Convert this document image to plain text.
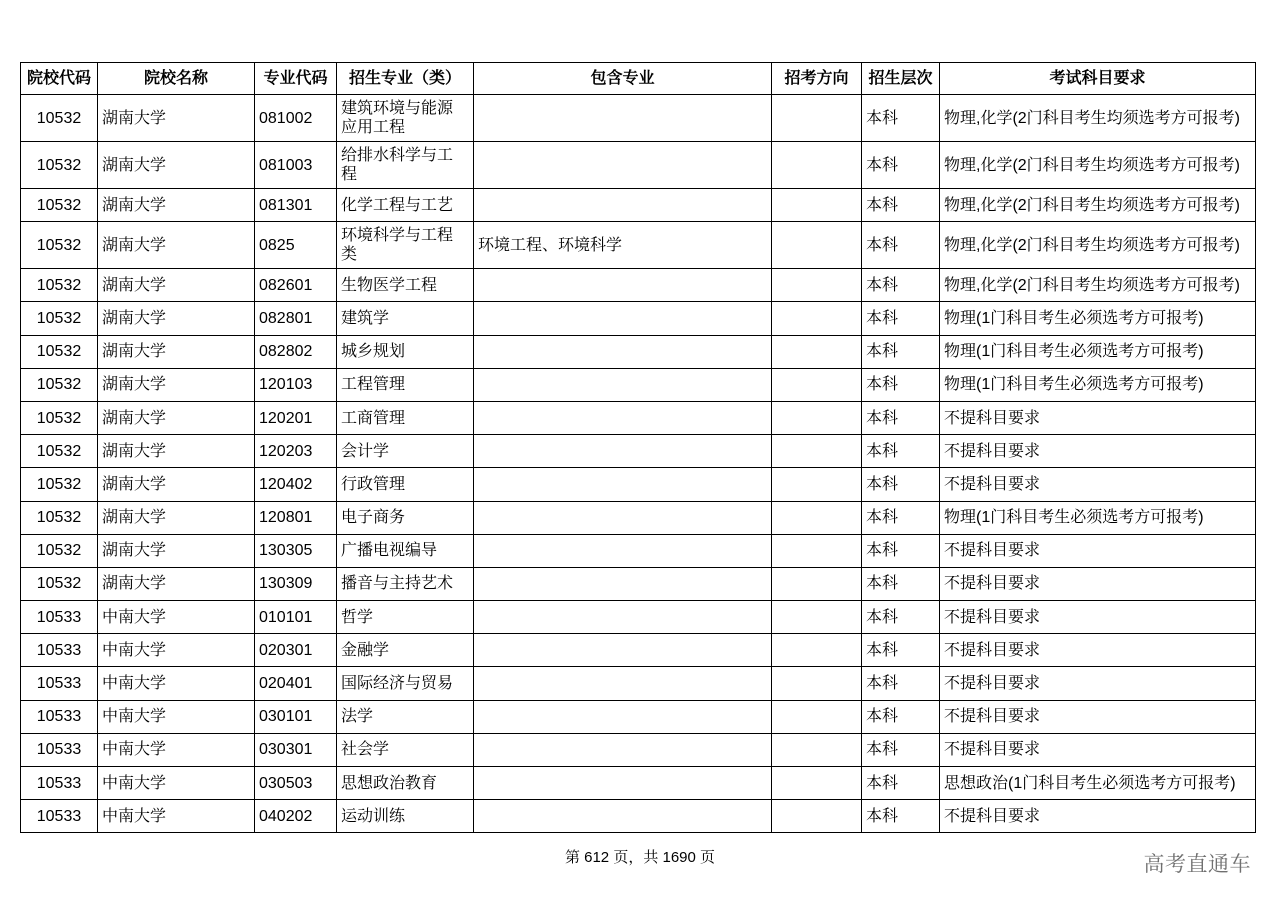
院校代码	院校名称	专业代码	招生专业（类）	包含专业	招考方向	招生层次	考试科目要求
10532	湖南大学	081002	建筑环境与能源应用工程			本科	物理,化学(2门科目考生均须选考方可报考)
10532	湖南大学	081003	给排水科学与工程			本科	物理,化学(2门科目考生均须选考方可报考)
10532	湖南大学	081301	化学工程与工艺			本科	物理,化学(2门科目考生均须选考方可报考)
10532	湖南大学	0825	环境科学与工程类	环境工程、环境科学		本科	物理,化学(2门科目考生均须选考方可报考)
10532	湖南大学	082601	生物医学工程			本科	物理,化学(2门科目考生均须选考方可报考)
10532	湖南大学	082801	建筑学			本科	物理(1门科目考生必须选考方可报考)
10532	湖南大学	082802	城乡规划			本科	物理(1门科目考生必须选考方可报考)
10532	湖南大学	120103	工程管理			本科	物理(1门科目考生必须选考方可报考)
10532	湖南大学	120201	工商管理			本科	不提科目要求
10532	湖南大学	120203	会计学			本科	不提科目要求
10532	湖南大学	120402	行政管理			本科	不提科目要求
10532	湖南大学	120801	电子商务			本科	物理(1门科目考生必须选考方可报考)
10532	湖南大学	130305	广播电视编导			本科	不提科目要求
10532	湖南大学	130309	播音与主持艺术			本科	不提科目要求
10533	中南大学	010101	哲学			本科	不提科目要求
10533	中南大学	020301	金融学			本科	不提科目要求
10533	中南大学	020401	国际经济与贸易			本科	不提科目要求
10533	中南大学	030101	法学			本科	不提科目要求
10533	中南大学	030301	社会学			本科	不提科目要求
10533	中南大学	030503	思想政治教育			本科	思想政治(1门科目考生必须选考方可报考)
10533	中南大学	040202	运动训练			本科	不提科目要求
第 612 页，共 1690 页	高考直通车
